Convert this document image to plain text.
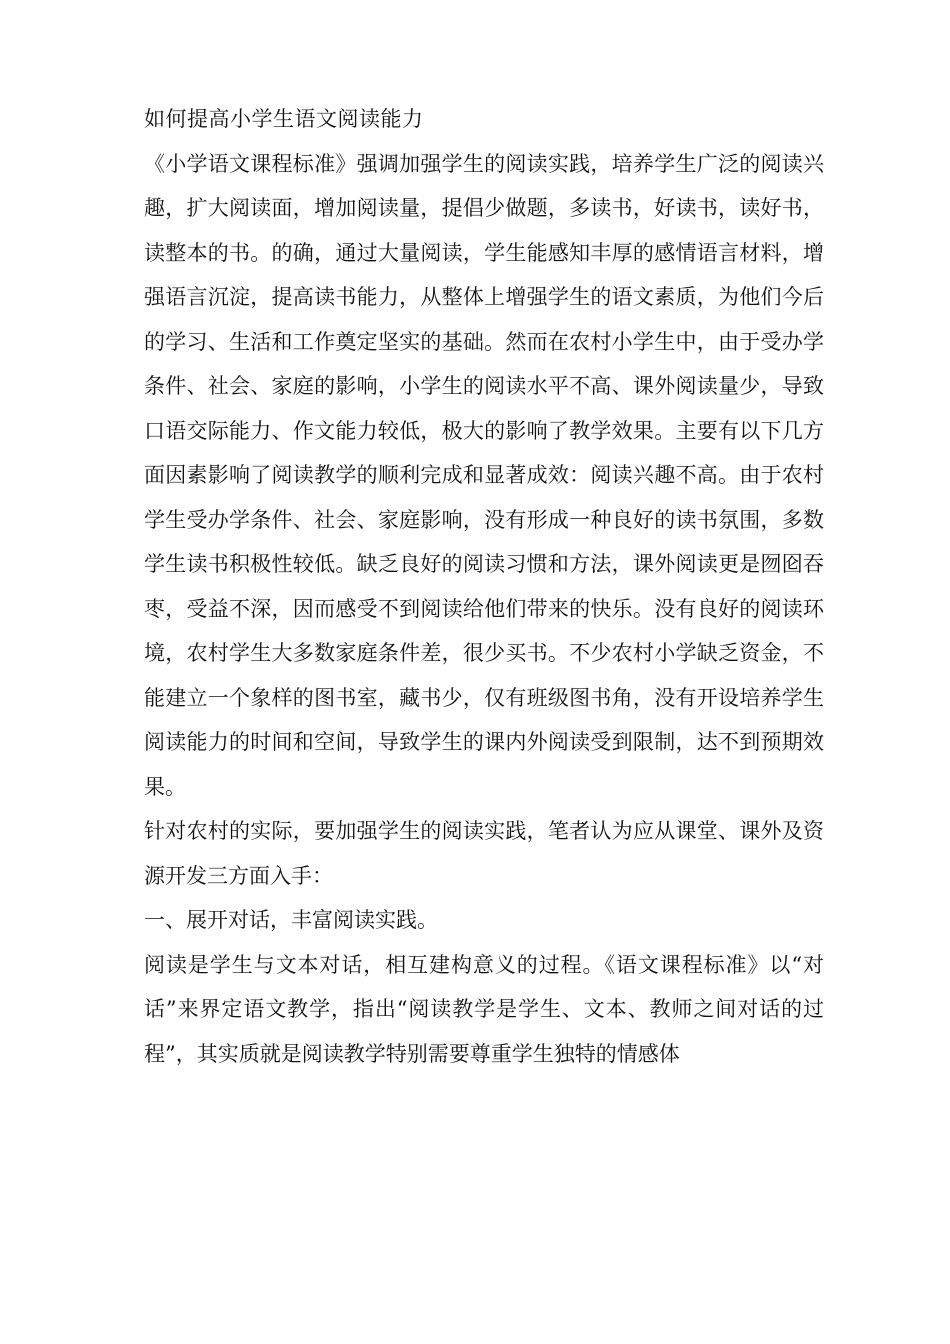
如何提高小学生语文阅读能力

《小学语文课程标准》强调加强学生的阅读实践，培养学生广泛的阅读兴趣，扩大阅读面，增加阅读量，提倡少做题，多读书，好读书，读好书，读整本的书。的确，通过大量阅读，学生能感知丰厚的感情语言材料，增强语言沉淀，提高读书能力，从整体上增强学生的语文素质，为他们今后的学习、生活和工作奠定坚实的基础。然而在农村小学生中，由于受办学条件、社会、家庭的影响，小学生的阅读水平不高、课外阅读量少，导致口语交际能力、作文能力较低，极大的影响了教学效果。主要有以下几方面因素影响了阅读教学的顺利完成和显著成效：阅读兴趣不高。由于农村学生受办学条件、社会、家庭影响，没有形成一种良好的读书氛围，多数学生读书积极性较低。缺乏良好的阅读习惯和方法，课外阅读更是囫囵吞枣，受益不深，因而感受不到阅读给他们带来的快乐。没有良好的阅读环境，农村学生大多数家庭条件差，很少买书。不少农村小学缺乏资金，不能建立一个象样的图书室，藏书少，仅有班级图书角，没有开设培养学生阅读能力的时间和空间，导致学生的课内外阅读受到限制，达不到预期效果。

针对农村的实际，要加强学生的阅读实践，笔者认为应从课堂、课外及资源开发三方面入手：

一、展开对话，丰富阅读实践。

阅读是学生与文本对话，相互建构意义的过程。《语文课程标准》以“对话”来界定语文教学，指出“阅读教学是学生、文本、教师之间对话的过程”，其实质就是阅读教学特别需要尊重学生独特的情感体
